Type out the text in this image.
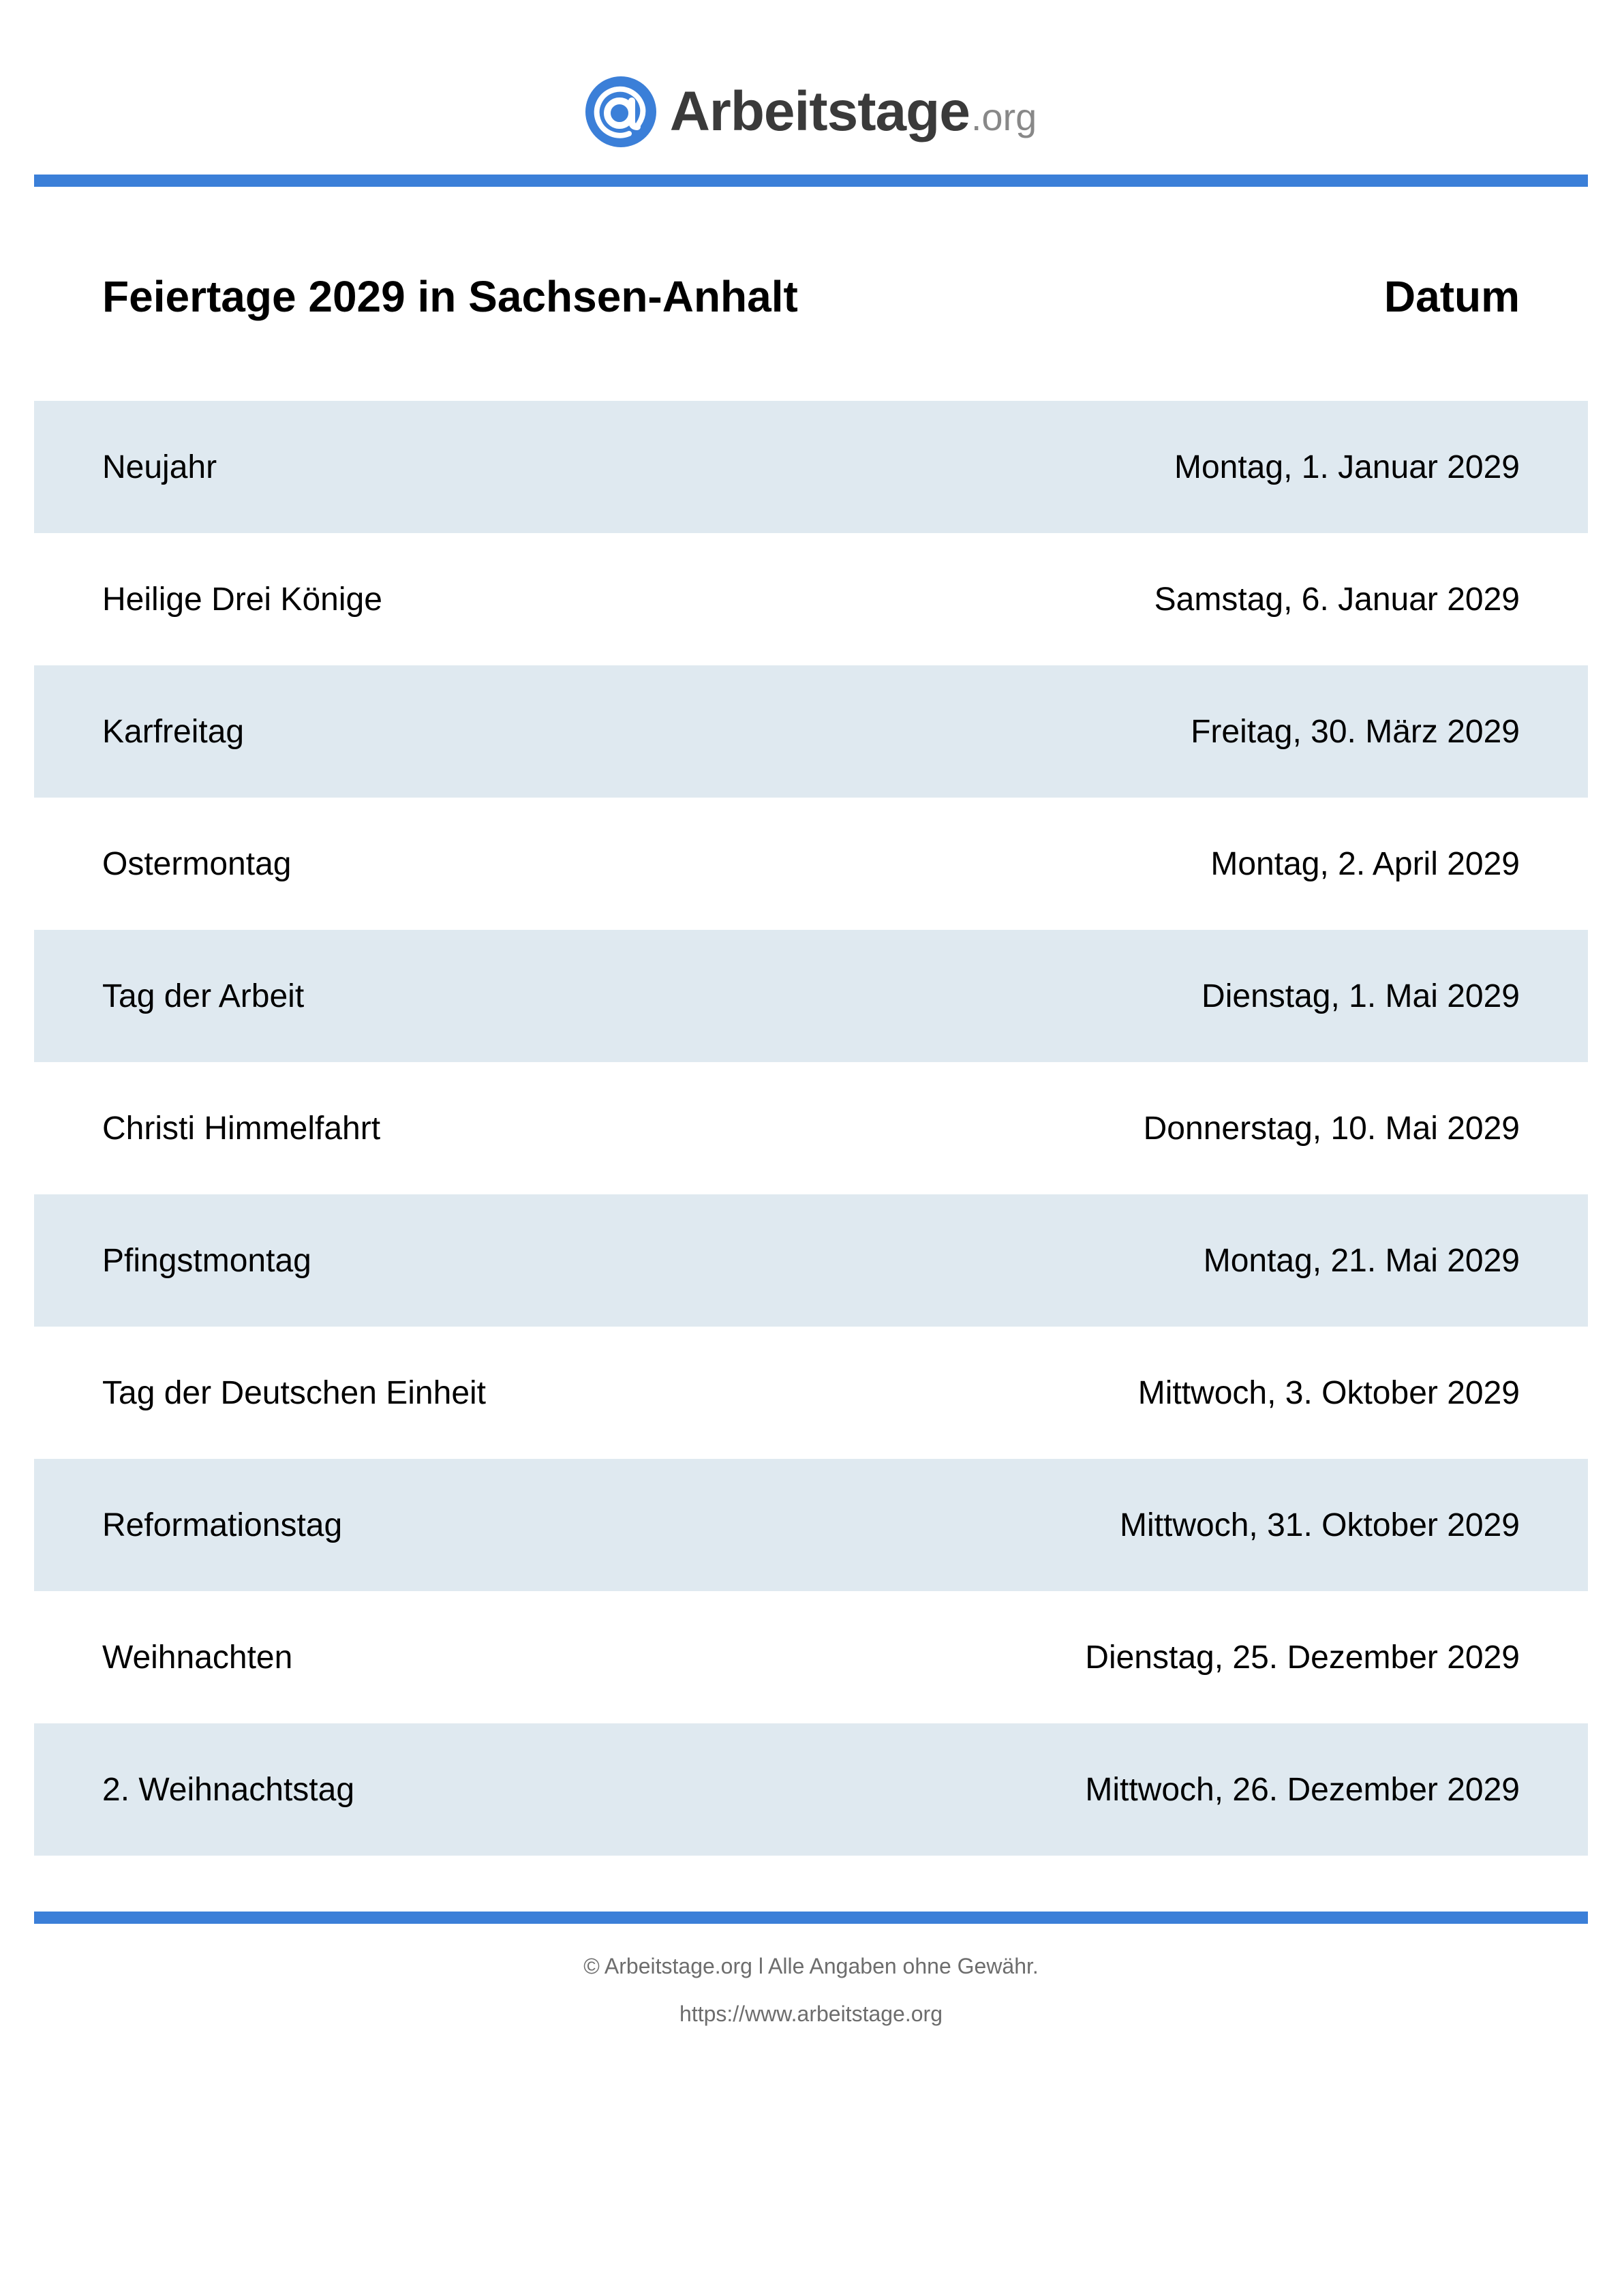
Arbeitstage .org
Feiertage 2029 in Sachsen-Anhalt	Datum
Neujahr	Montag, 1. Januar 2029
Heilige Drei Könige	Samstag, 6. Januar 2029
Karfreitag	Freitag, 30. März 2029
Ostermontag	Montag, 2. April 2029
Tag der Arbeit	Dienstag, 1. Mai 2029
Christi Himmelfahrt	Donnerstag, 10. Mai 2029
Pfingstmontag	Montag, 21. Mai 2029
Tag der Deutschen Einheit	Mittwoch, 3. Oktober 2029
Reformationstag	Mittwoch, 31. Oktober 2029
Weihnachten	Dienstag, 25. Dezember 2029
2. Weihnachtstag	Mittwoch, 26. Dezember 2029
© Arbeitstage.org l Alle Angaben ohne Gewähr.
https://www.arbeitstage.org
